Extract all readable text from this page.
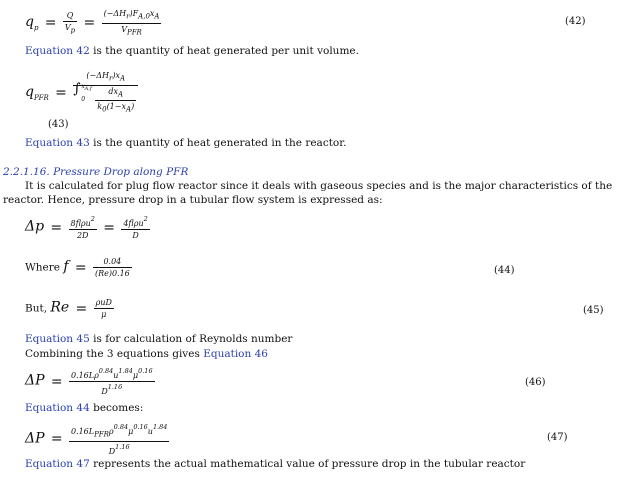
$q_p = \frac{Q}{V_p} = \frac{(-\Delta H_r)F_{A,0}x_A}{V_{PFR}}$	(42)
Equation 42 is the quantity of heat generated per unit volume.
$q_{PFR} = (-\Delta H_r)x_A$
∫ $x_{A,f}$
$0 \frac{dx_A}{k_0(1-x_A)}$
(43)
Equation 43 is the quantity of heat generated in the reactor.
2.2.1.16. Pressure Drop along PFR
It is calculated for plug flow reactor since it deals with gaseous species and is the major characteristics of the
reactor. Hence, pressure drop in a tubular flow system is expressed as:
$\Delta p = \frac{8fl\rho u^2}{2D} = \frac{4fl\rho u^2}{D}$
Where $f = \frac{0.04}{(Re)0.16}$	(44)
But, $Re = \frac{\text{ρuD}}{\mu}$	(45)
Equation 45 is for calculation of Reynolds number
Combining the 3 equations gives Equation 46
$\Delta P = \frac{0.16L\rho^{0.84}u^{1.84}\mu^{0.16}}{D^{1.16}}$	(46)
Equation 44 becomes:
$\Delta P = \frac{0.16L_{PFR}\rho^{0.84}\mu^{0.16}u^{1.84}}{D^{1.16}}$	(47)
Equation 47 represents the actual mathematical value of pressure drop in the tubular reactor
